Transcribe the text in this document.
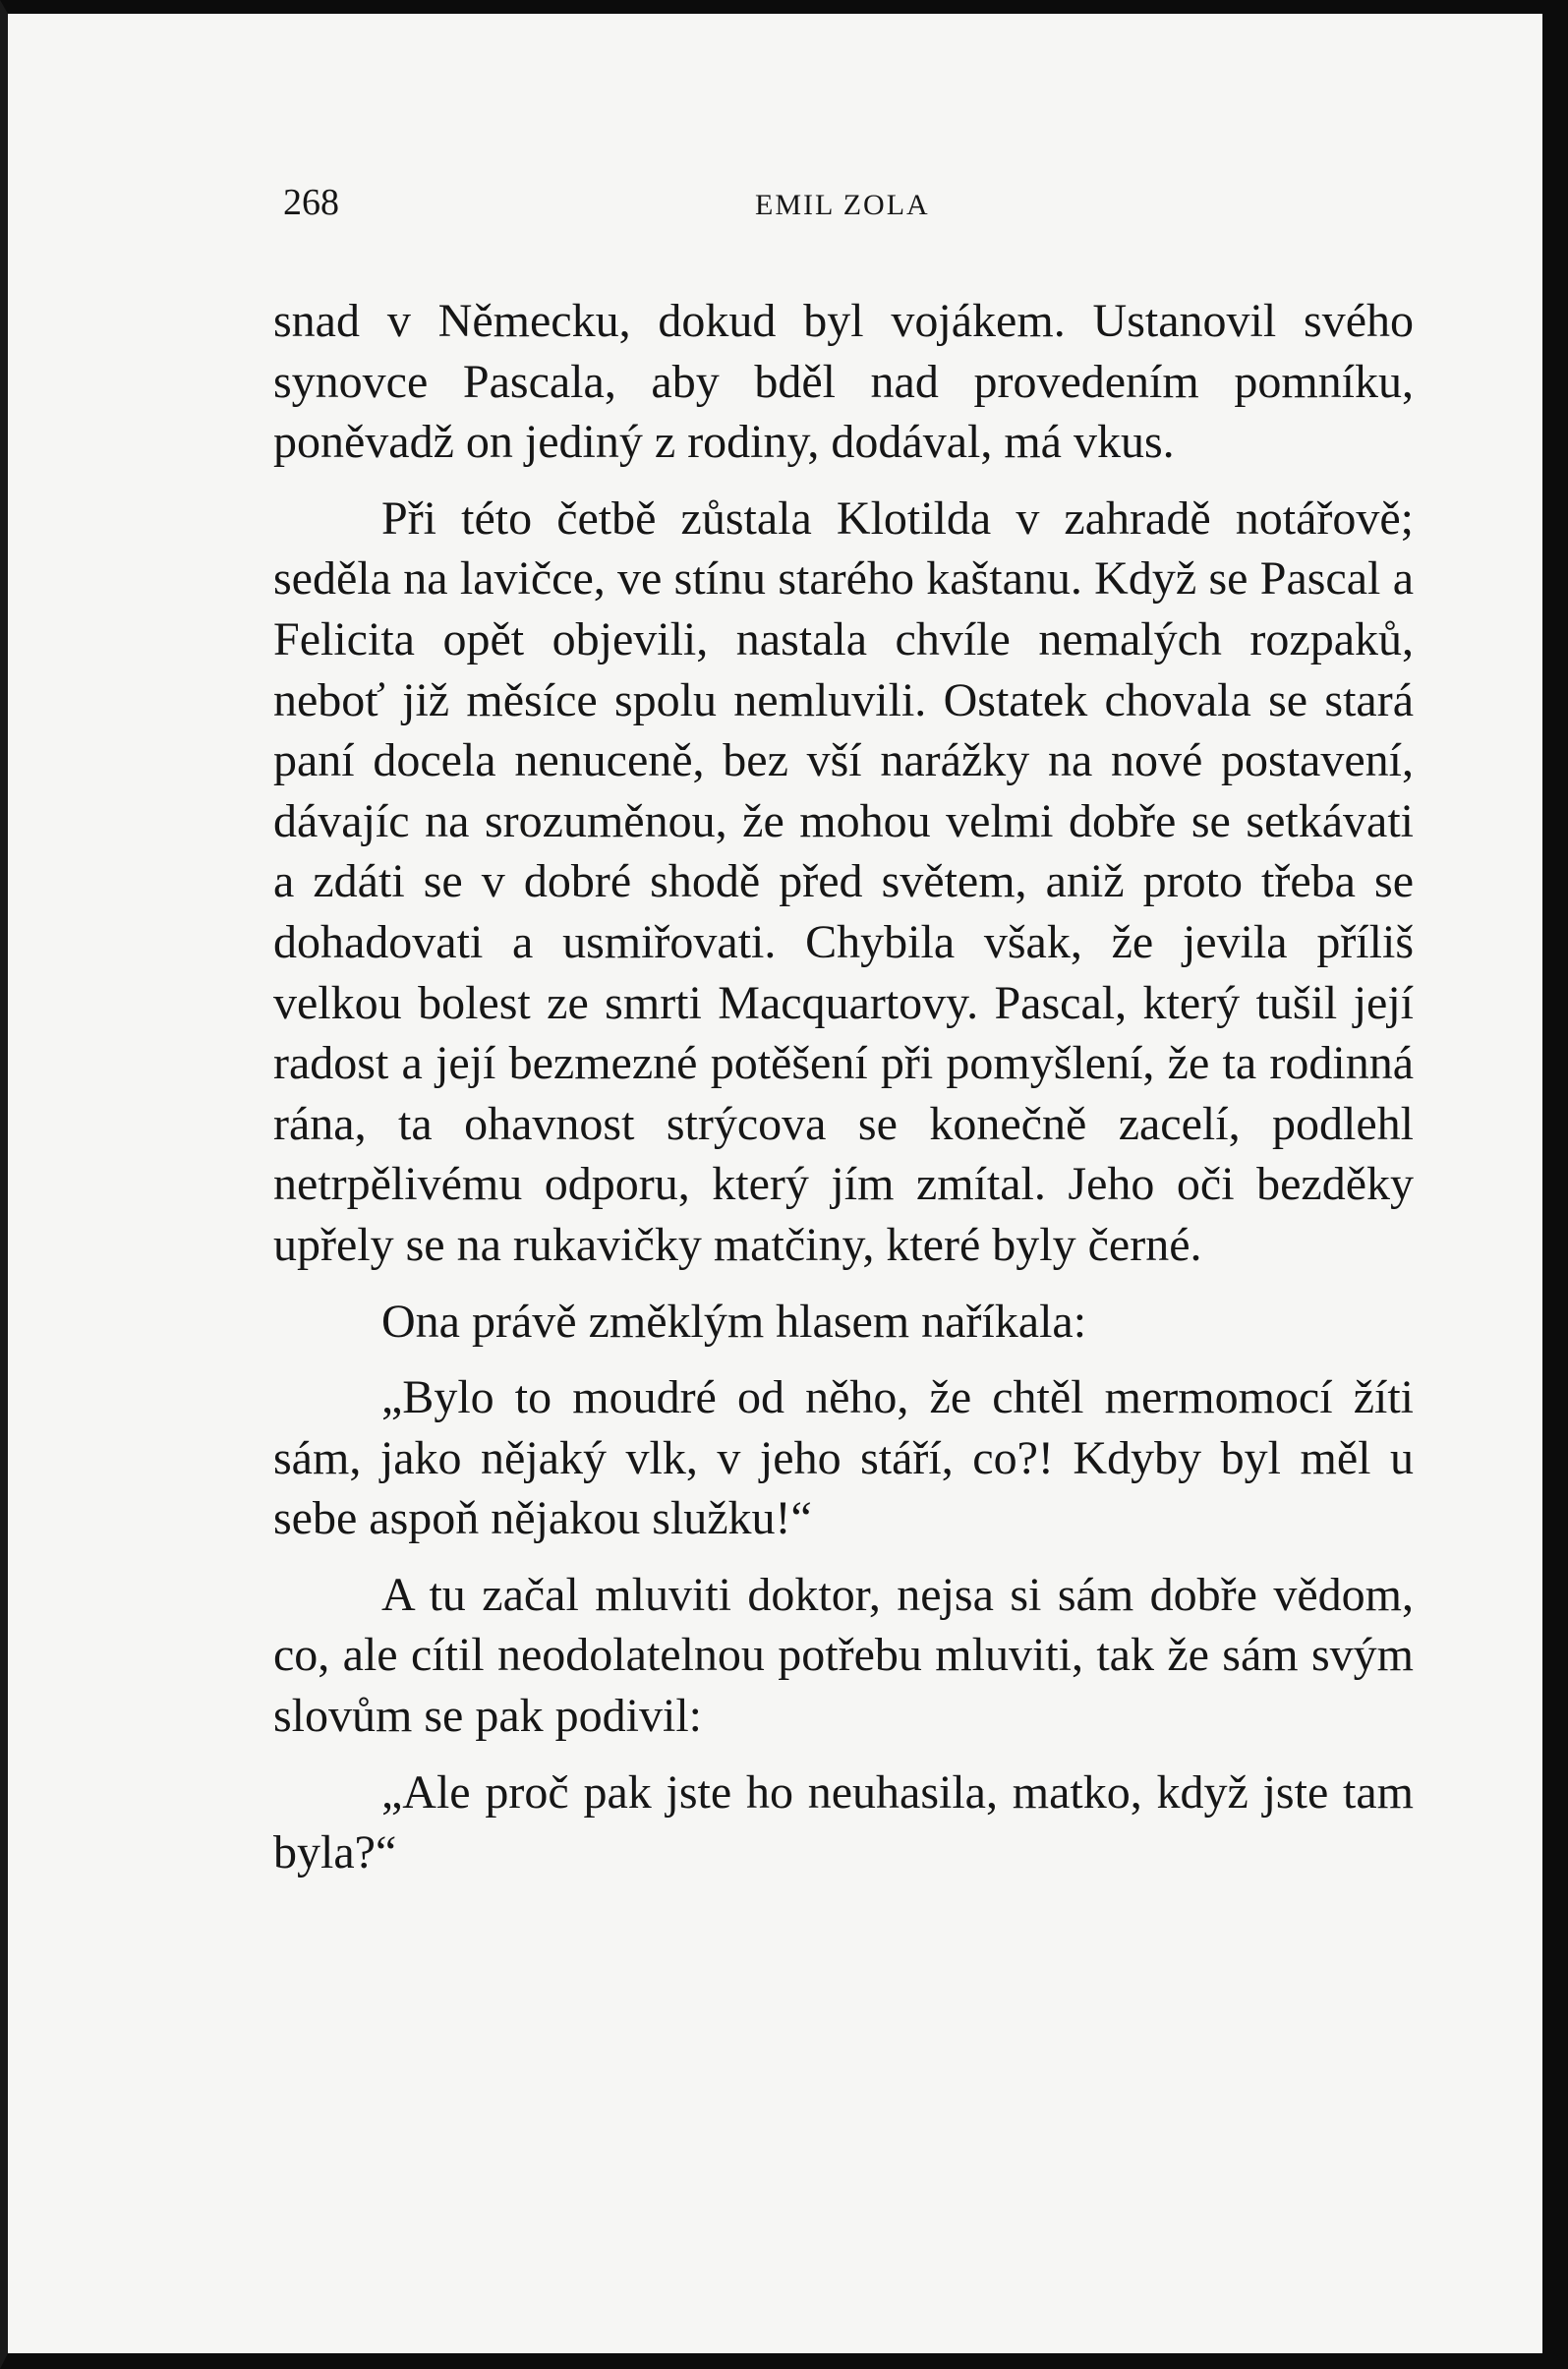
268	EMIL ZOLA

snad v Německu, dokud byl vojákem. Ustanovil svého synovce Pascala, aby bděl nad provedením pomníku, poněvadž on jediný z rodiny, dodával, má vkus.

Při této četbě zůstala Klotilda v zahradě notářově; seděla na lavičce, ve stínu starého kaštanu. Když se Pascal a Felicita opět objevili, nastala chvíle nemalých rozpaků, neboť již měsíce spolu nemluvili. Ostatek chovala se stará paní docela nenuceně, bez vší narážky na nové postavení, dávajíc na srozuměnou, že mohou velmi dobře se setkávati a zdáti se v dobré shodě před světem, aniž proto třeba se dohadovati a usmiřovati. Chybila však, že jevila příliš velkou bolest ze smrti Macquartovy. Pascal, který tušil její radost a její bezmezné potěšení při pomyšlení, že ta rodinná rána, ta ohavnost strýcova se konečně zacelí, podlehl netrpělivému odporu, který jím zmítal. Jeho oči bezděky upřely se na rukavičky matčiny, které byly černé.

Ona právě změklým hlasem naříkala:

„Bylo to moudré od něho, že chtěl mermomocí žíti sám, jako nějaký vlk, v jeho stáří, co?! Kdyby byl měl u sebe aspoň nějakou služku!“

A tu začal mluviti doktor, nejsa si sám dobře vědom, co, ale cítil neodolatelnou potřebu mluviti, tak že sám svým slovům se pak podivil:

„Ale proč pak jste ho neuhasila, matko, když jste tam byla?“
